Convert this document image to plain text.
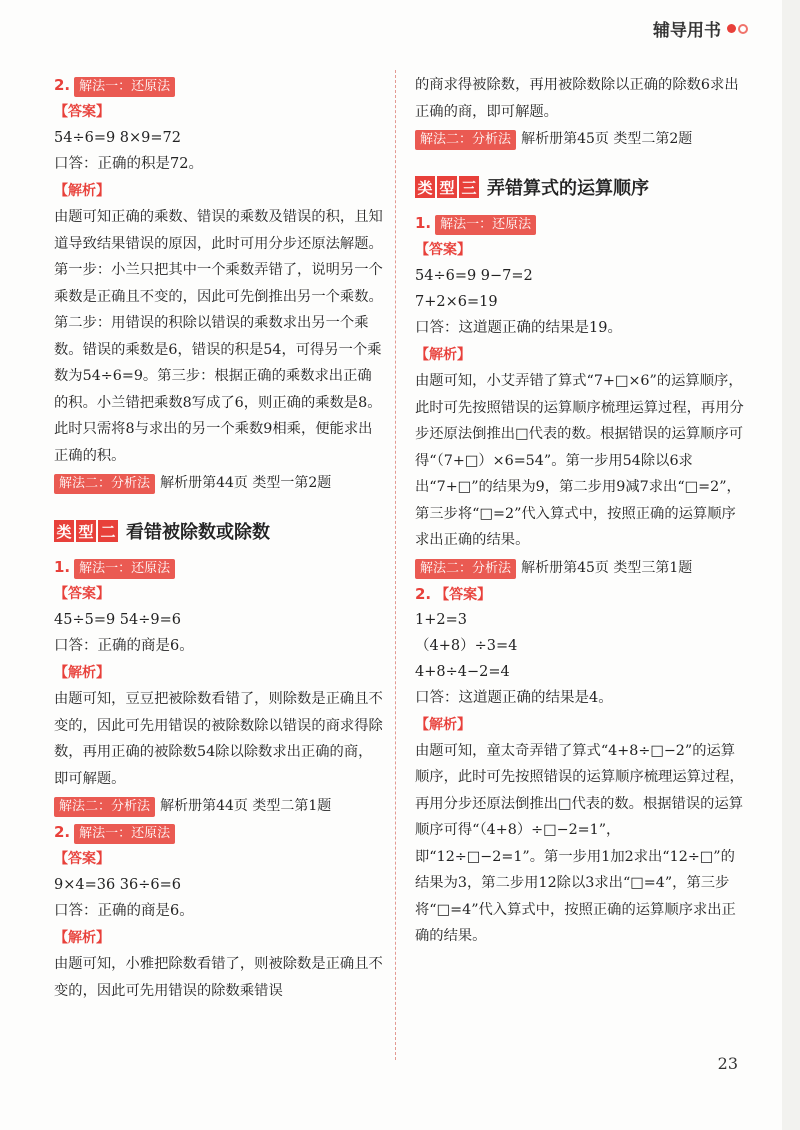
辅导用书
2. 解法一：还原法
【答案】

54÷6=9 8×9=72

口答：正确的积是72。

【解析】

由题可知正确的乘数、错误的乘数及错误的积，且知道导致结果错误的原因，此时可用分步还原法解题。第一步：小兰只把其中一个乘数弄错了，说明另一个乘数是正确且不变的，因此可先倒推出另一个乘数。第二步：用错误的积除以错误的乘数求出另一个乘数。错误的乘数是6，错误的积是54，可得另一个乘数为54÷6=9。第三步：根据正确的乘数求出正确的积。小兰错把乘数8写成了6，则正确的乘数是8。此时只需将8与求出的另一个乘数9相乘，便能求出正确的积。

解法二：分析法 解析册第44页 类型一第2题
类 型 二 看错被除数或除数
1. 解法一：还原法
【答案】

45÷5=9 54÷9=6

口答：正确的商是6。

【解析】

由题可知，豆豆把被除数看错了，则除数是正确且不变的，因此可先用错误的被除数除以错误的商求得除数，再用正确的被除数54除以除数求出正确的商，即可解题。

解法二：分析法 解析册第44页 类型二第1题
2. 解法一：还原法
【答案】

9×4=36 36÷6=6

口答：正确的商是6。

【解析】

由题可知，小雅把除数看错了，则被除数是正确且不变的，因此可先用错误的除数乘错误

的商求得被除数，再用被除数除以正确的除数6求出正确的商，即可解题。

解法二：分析法 解析册第45页 类型二第2题
类 型 三 弄错算式的运算顺序
1. 解法一：还原法
【答案】

54÷6=9 9−7=2

7+2×6=19

口答：这道题正确的结果是19。

【解析】

由题可知，小艾弄错了算式“7+□×6”的运算顺序，此时可先按照错误的运算顺序梳理运算过程，再用分步还原法倒推出□代表的数。根据错误的运算顺序可得“（7+□）×6=54”。第一步用54除以6求出“7+□”的结果为9，第二步用9减7求出“□=2”，第三步将“□=2”代入算式中，按照正确的运算顺序求出正确的结果。

解法二：分析法 解析册第45页 类型三第1题
2. 【答案】

1+2=3

（4+8）÷3=4

4+8÷4−2=4

口答：这道题正确的结果是4。

【解析】

由题可知，童太奇弄错了算式“4+8÷□−2”的运算顺序，此时可先按照错误的运算顺序梳理运算过程，再用分步还原法倒推出□代表的数。根据错误的运算顺序可得“（4+8）÷□−2=1”，即“12÷□−2=1”。第一步用1加2求出“12÷□”的结果为3，第二步用12除以3求出“□=4”，第三步将“□=4”代入算式中，按照正确的运算顺序求出正确的结果。

23
